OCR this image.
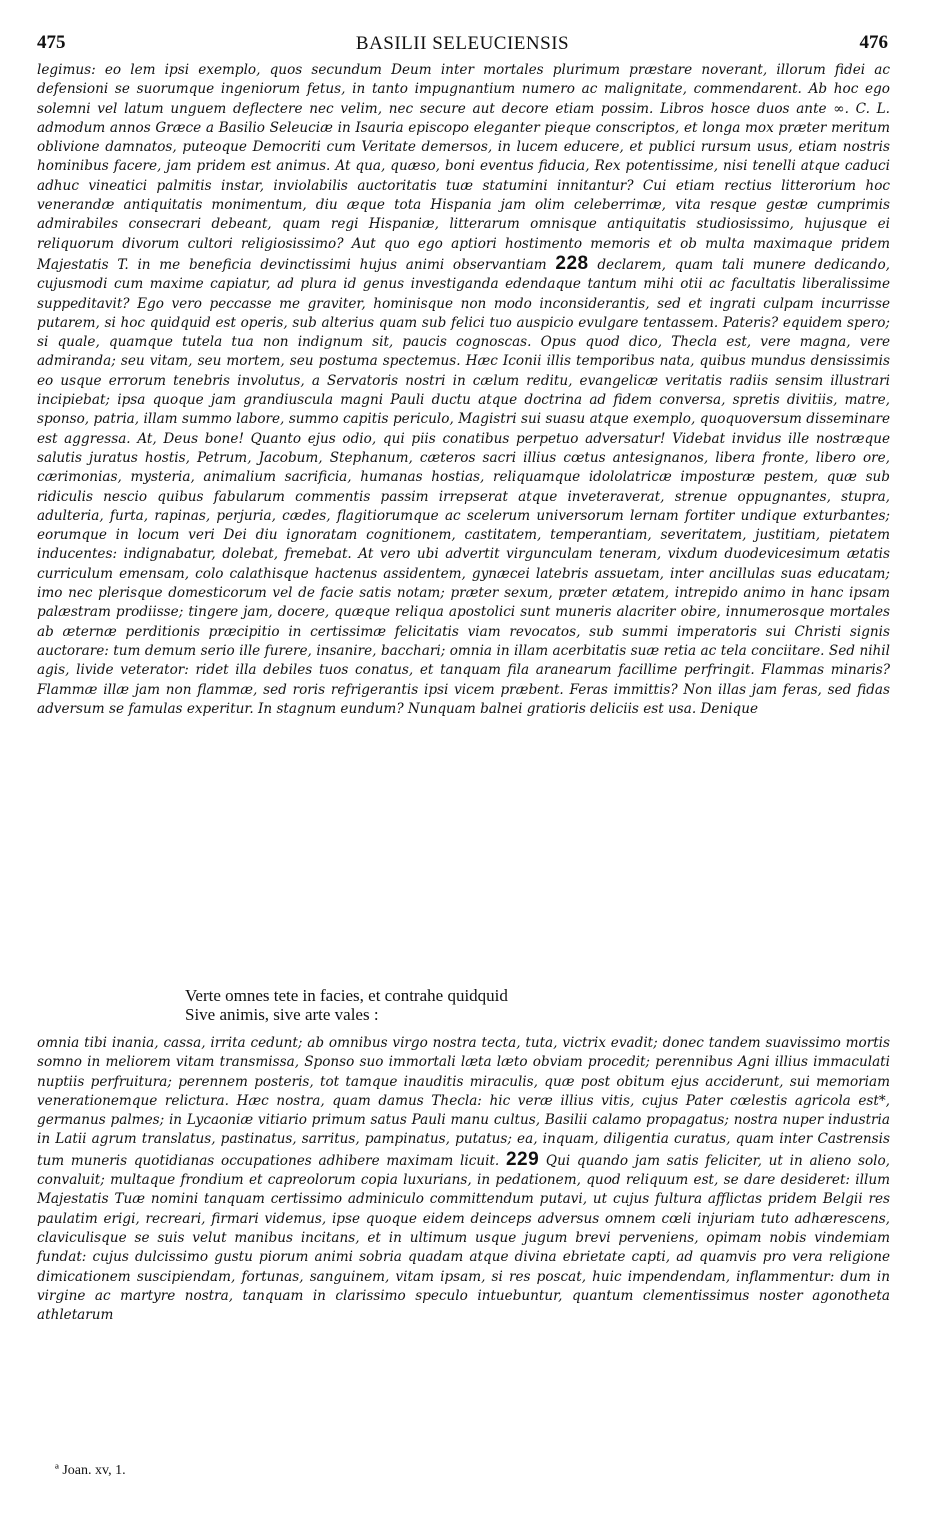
475	BASILII SELEUCIENSIS	476

legimus: eo lem ipsi exemplo, quos secundum Deum inter mortales plurimum præstare noverant, illorum fidei ac defensioni se suorumque ingeniorum fetus, in tanto impugnantium numero ac malignitate, commendarent. Ab hoc ego solemni vel latum unguem deflectere nec velim, nec secure aut decore etiam possim. Libros hosce duos ante ∞. C. L. admodum annos Græce a Basilio Seleuciæ in Isauria episcopo eleganter pieque conscriptos, et longa mox præter meritum oblivione damnatos, puteoque Democriti cum Veritate demersos, in lucem educere, et publici rursum usus, etiam nostris hominibus facere, jam pridem est animus. At qua, quæso, boni eventus fiducia, Rex potentissime, nisi tenelli atque caduci adhuc vineatici palmitis instar, inviolabilis auctoritatis tuæ statumini innitantur? Cui etiam rectius litterorium hoc venerandæ antiquitatis monimentum, diu æque tota Hispania jam olim celeberrimæ, vita resque gestæ cumprimis admirabiles consecrari debeant, quam regi Hispaniæ, litterarum omnisque antiquitatis studiosissimo, hujusque ei reliquorum divorum cultori religiosissimo? Aut quo ego aptiori hostimento memoris et ob multa maximaque pridem Majestatis T. in me beneficia devinctissimi hujus animi observantiam 228 declarem, quam tali munere dedicando, cujusmodi cum maxime capiatur, ad plura id genus investiganda edendaque tantum mihi otii ac facultatis liberalissime suppeditavit? Ego vero peccasse me graviter, hominisque non modo inconsiderantis, sed et ingrati culpam incurrisse putarem, si hoc quidquid est operis, sub alterius quam sub felici tuo auspicio evulgare tentassem. Pateris? equidem spero; si quale, quamque tutela tua non indignum sit, paucis cognoscas. Opus quod dico, Thecla est, vere magna, vere admiranda; seu vitam, seu mortem, seu postuma spectemus. Hæc Iconii illis temporibus nata, quibus mundus densissimis eo usque errorum tenebris involutus, a Servatoris nostri in cælum reditu, evangelicæ veritatis radiis sensim illustrari incipiebat; ipsa quoque jam grandiuscula magni Pauli ductu atque doctrina ad fidem conversa, spretis divitiis, matre, sponso, patria, illam summo labore, summo capitis periculo, Magistri sui suasu atque exemplo, quoquoversum disseminare est aggressa. At, Deus bone! Quanto ejus odio, qui piis conatibus perpetuo adversatur! Videbat invidus ille nostræque salutis juratus hostis, Petrum, Jacobum, Stephanum, cæteros sacri illius cœtus antesignanos, libera fronte, libero ore, cærimonias, mysteria, animalium sacrificia, humanas hostias, reliquamque idololatricæ imposturæ pestem, quæ sub ridiculis nescio quibus fabularum commentis passim irrepserat atque inveteraverat, strenue oppugnantes, stupra, adulteria, furta, rapinas, perjuria, cædes, flagitiorumque ac scelerum universorum lernam fortiter undique exturbantes; eorumque in locum veri Dei diu ignoratam cognitionem, castitatem, temperantiam, severitatem, justitiam, pietatem inducentes: indignabatur, dolebat, fremebat. At vero ubi advertit virgunculam teneram, vixdum duodevicesimum ætatis curriculum emensam, colo calathisque hactenus assidentem, gynæcei latebris assuetam, inter ancillulas suas educatam; imo nec plerisque domesticorum vel de facie satis notam; præter sexum, præter ætatem, intrepido animo in hanc ipsam palæstram prodiisse; tingere jam, docere, quæque reliqua apostolici sunt muneris alacriter obire, innumerosque mortales ab æternæ perditionis præcipitio in certissimæ felicitatis viam revocatos, sub summi imperatoris sui Christi signis auctorare: tum demum serio ille furere, insanire, bacchari; omnia in illam acerbitatis suæ retia ac tela conciitare. Sed nihil agis, livide veterator: ridet illa debiles tuos conatus, et tanquam fila aranearum facillime perfringit. Flammas minaris? Flammæ illæ jam non flammæ, sed roris refrigerantis ipsi vicem præbent. Feras immittis? Non illas jam feras, sed fidas adversum se famulas experitur. In stagnum eundum? Nunquam balnei gratioris deliciis est usa. Denique

Verte omnes tete in facies, et contrahe quidquid
Sive animis, sive arte vales :

omnia tibi inania, cassa, irrita cedunt; ab omnibus virgo nostra tecta, tuta, victrix evadit; donec tandem suavissimo mortis somno in meliorem vitam transmissa, Sponso suo immortali læta læto obviam procedit; perennibus Agni illius immaculati nuptiis perfruitura; perennem posteris, tot tamque inauditis miraculis, quæ post obitum ejus acciderunt, sui memoriam venerationemque relictura. Hæc nostra, quam damus Thecla: hic veræ illius vitis, cujus Pater cœlestis agricola est*, germanus palmes; in Lycaoniæ vitiario primum satus Pauli manu cultus, Basilii calamo propagatus; nostra nuper industria in Latii agrum translatus, pastinatus, sarritus, pampinatus, putatus; ea, inquam, diligentia curatus, quam inter Castrensis tum muneris quotidianas occupationes adhibere maximam licuit. 229 Qui quando jam satis feliciter, ut in alieno solo, convaluit; multaque frondium et capreolorum copia luxurians, in pedationem, quod reliquum est, se dare desideret: illum Majestatis Tuæ nomini tanquam certissimo adminiculo committendum putavi, ut cujus fultura afflictas pridem Belgii res paulatim erigi, recreari, firmari videmus, ipse quoque eidem deinceps adversus omnem cœli injuriam tuto adhærescens, claviculisque se suis velut manibus incitans, et in ultimum usque jugum brevi perveniens, opimam nobis vindemiam fundat: cujus dulcissimo gustu piorum animi sobria quadam atque divina ebrietate capti, ad quamvis pro vera religione dimicationem suscipiendam, fortunas, sanguinem, vitam ipsam, si res poscat, huic impendendam, inflammentur: dum in virgine ac martyre nostra, tanquam in clarissimo speculo intuebuntur, quantum clementissimus noster agonotheta athletarum

ª Joan. xv, 1.
